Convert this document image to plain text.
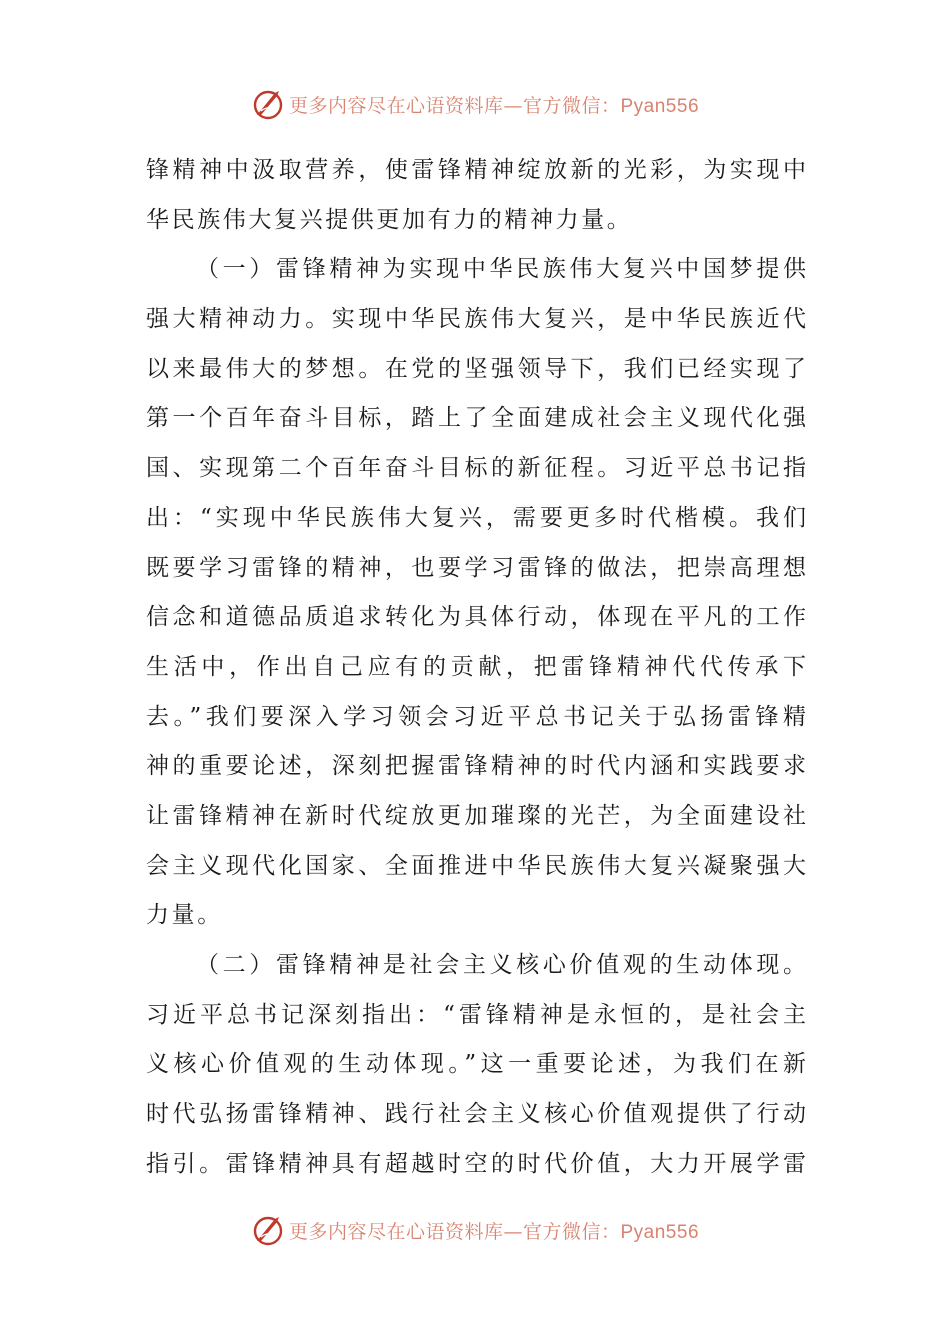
更多内容尽在心语资料库—官方微信：Pyan556
锋精神中汲取营养，使雷锋精神绽放新的光彩，为实现中
华民族伟大复兴提供更加有力的精神力量。
（一）雷锋精神为实现中华民族伟大复兴中国梦提供
强大精神动力。实现中华民族伟大复兴，是中华民族近代
以来最伟大的梦想。在党的坚强领导下，我们已经实现了
第一个百年奋斗目标，踏上了全面建成社会主义现代化强
国、实现第二个百年奋斗目标的新征程。习近平总书记指
出：“实现中华民族伟大复兴，需要更多时代楷模。我们
既要学习雷锋的精神，也要学习雷锋的做法，把崇高理想
信念和道德品质追求转化为具体行动，体现在平凡的工作
生活中，作出自己应有的贡献，把雷锋精神代代传承下
去。”我们要深入学习领会习近平总书记关于弘扬雷锋精
神的重要论述，深刻把握雷锋精神的时代内涵和实践要求
让雷锋精神在新时代绽放更加璀璨的光芒，为全面建设社
会主义现代化国家、全面推进中华民族伟大复兴凝聚强大
力量。
（二）雷锋精神是社会主义核心价值观的生动体现。
习近平总书记深刻指出：“雷锋精神是永恒的，是社会主
义核心价值观的生动体现。”这一重要论述，为我们在新
时代弘扬雷锋精神、践行社会主义核心价值观提供了行动
指引。雷锋精神具有超越时空的时代价值，大力开展学雷
更多内容尽在心语资料库—官方微信：Pyan556
